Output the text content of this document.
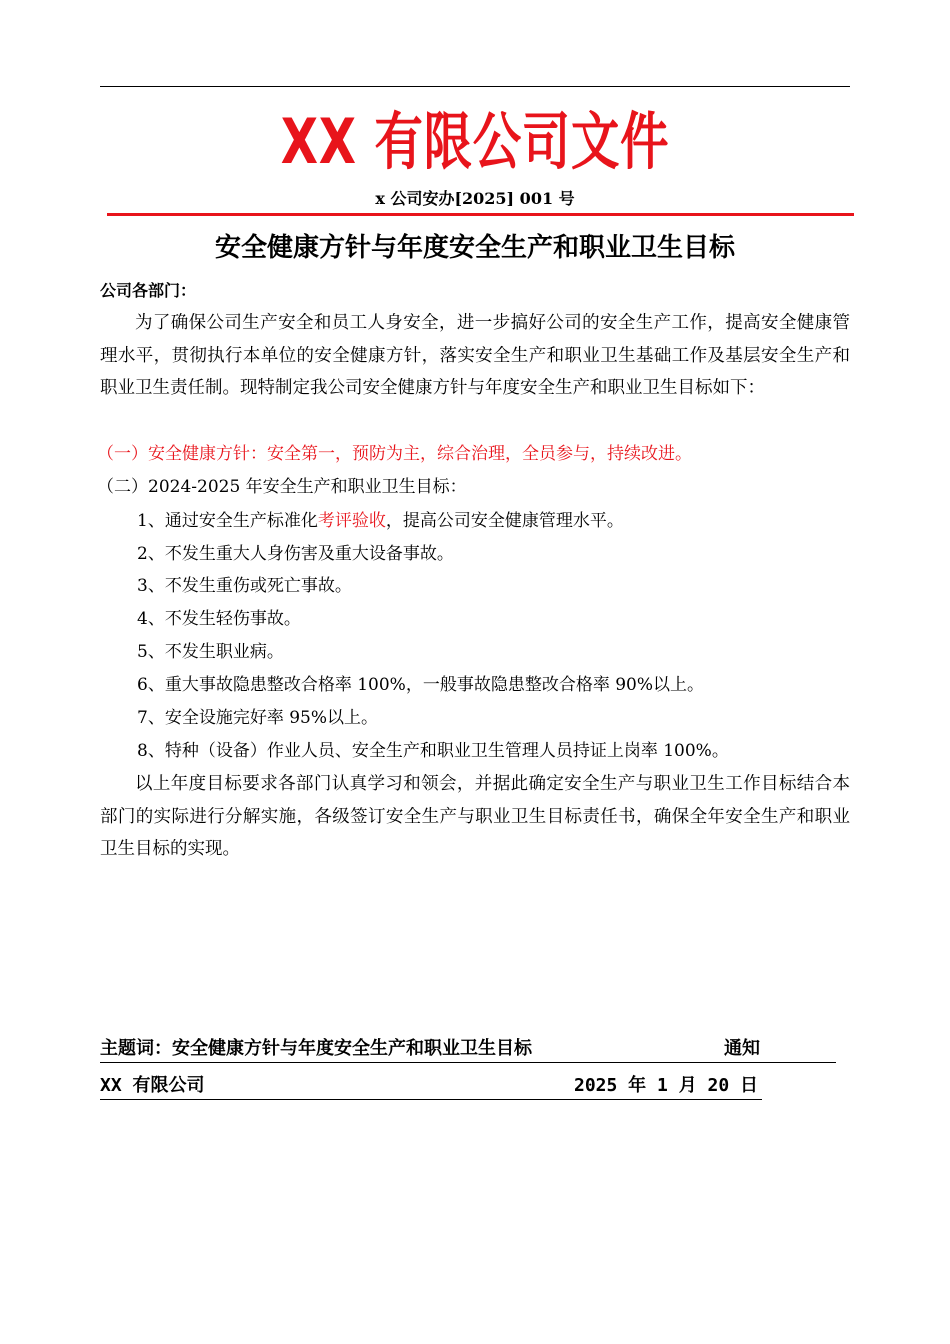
XX 有限公司文件
x 公司安办[2025] 001 号
安全健康方针与年度安全生产和职业卫生目标
公司各部门：

为了确保公司生产安全和员工人身安全，进一步搞好公司的安全生产工作，提高安全健康管理水平，贯彻执行本单位的安全健康方针，落实安全生产和职业卫生基础工作及基层安全生产和职业卫生责任制。现特制定我公司安全健康方针与年度安全生产和职业卫生目标如下：

（一）安全健康方针：安全第一，预防为主，综合治理，全员参与，持续改进。
（二）2024-2025 年安全生产和职业卫生目标：
1、通过安全生产标准化考评验收，提高公司安全健康管理水平。
2、不发生重大人身伤害及重大设备事故。
3、不发生重伤或死亡事故。
4、不发生轻伤事故。
5、不发生职业病。
6、重大事故隐患整改合格率 100%，一般事故隐患整改合格率 90%以上。
7、安全设施完好率 95%以上。
8、特种（设备）作业人员、安全生产和职业卫生管理人员持证上岗率 100%。

以上年度目标要求各部门认真学习和领会，并据此确定安全生产与职业卫生工作目标结合本部门的实际进行分解实施，各级签订安全生产与职业卫生目标责任书，确保全年安全生产和职业卫生目标的实现。

主题词：安全健康方针与年度安全生产和职业卫生目标	通知
XX 有限公司	2025 年 1 月 20 日
